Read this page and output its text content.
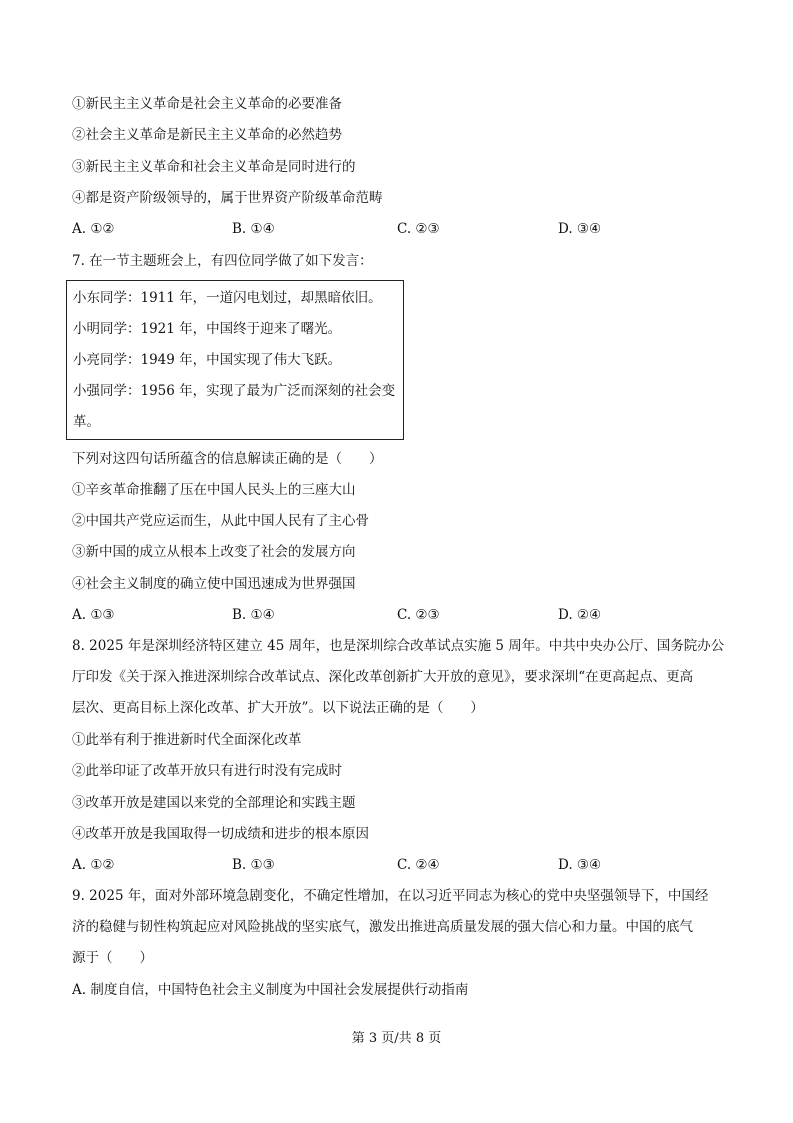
①新民主主义革命是社会主义革命的必要准备
②社会主义革命是新民主主义革命的必然趋势
③新民主主义革命和社会主义革命是同时进行的
④都是资产阶级领导的，属于世界资产阶级革命范畴
A. ①②	B. ①④	C. ②③	D. ③④
7. 在一节主题班会上，有四位同学做了如下发言：
小东同学：1911 年，一道闪电划过，却黑暗依旧。
小明同学：1921 年，中国终于迎来了曙光。
小亮同学：1949 年，中国实现了伟大飞跃。
小强同学：1956 年，实现了最为广泛而深刻的社会变
革。
下列对这四句话所蕴含的信息解读正确的是（　　）
①辛亥革命推翻了压在中国人民头上的三座大山
②中国共产党应运而生，从此中国人民有了主心骨
③新中国的成立从根本上改变了社会的发展方向
④社会主义制度的确立使中国迅速成为世界强国
A. ①③	B. ①④	C. ②③	D. ②④
8. 2025 年是深圳经济特区建立 45 周年，也是深圳综合改革试点实施 5 周年。中共中央办公厅、国务院办公
厅印发《关于深入推进深圳综合改革试点、深化改革创新扩大开放的意见》，要求深圳“在更高起点、更高
层次、更高目标上深化改革、扩大开放”。以下说法正确的是（　　）
①此举有利于推进新时代全面深化改革
②此举印证了改革开放只有进行时没有完成时
③改革开放是建国以来党的全部理论和实践主题
④改革开放是我国取得一切成绩和进步的根本原因
A. ①②	B. ①③	C. ②④	D. ③④
9. 2025 年，面对外部环境急剧变化，不确定性增加，在以习近平同志为核心的党中央坚强领导下，中国经
济的稳健与韧性构筑起应对风险挑战的坚实底气，激发出推进高质量发展的强大信心和力量。中国的底气
源于（　　）
A. 制度自信，中国特色社会主义制度为中国社会发展提供行动指南
第 3 页/共 8 页
